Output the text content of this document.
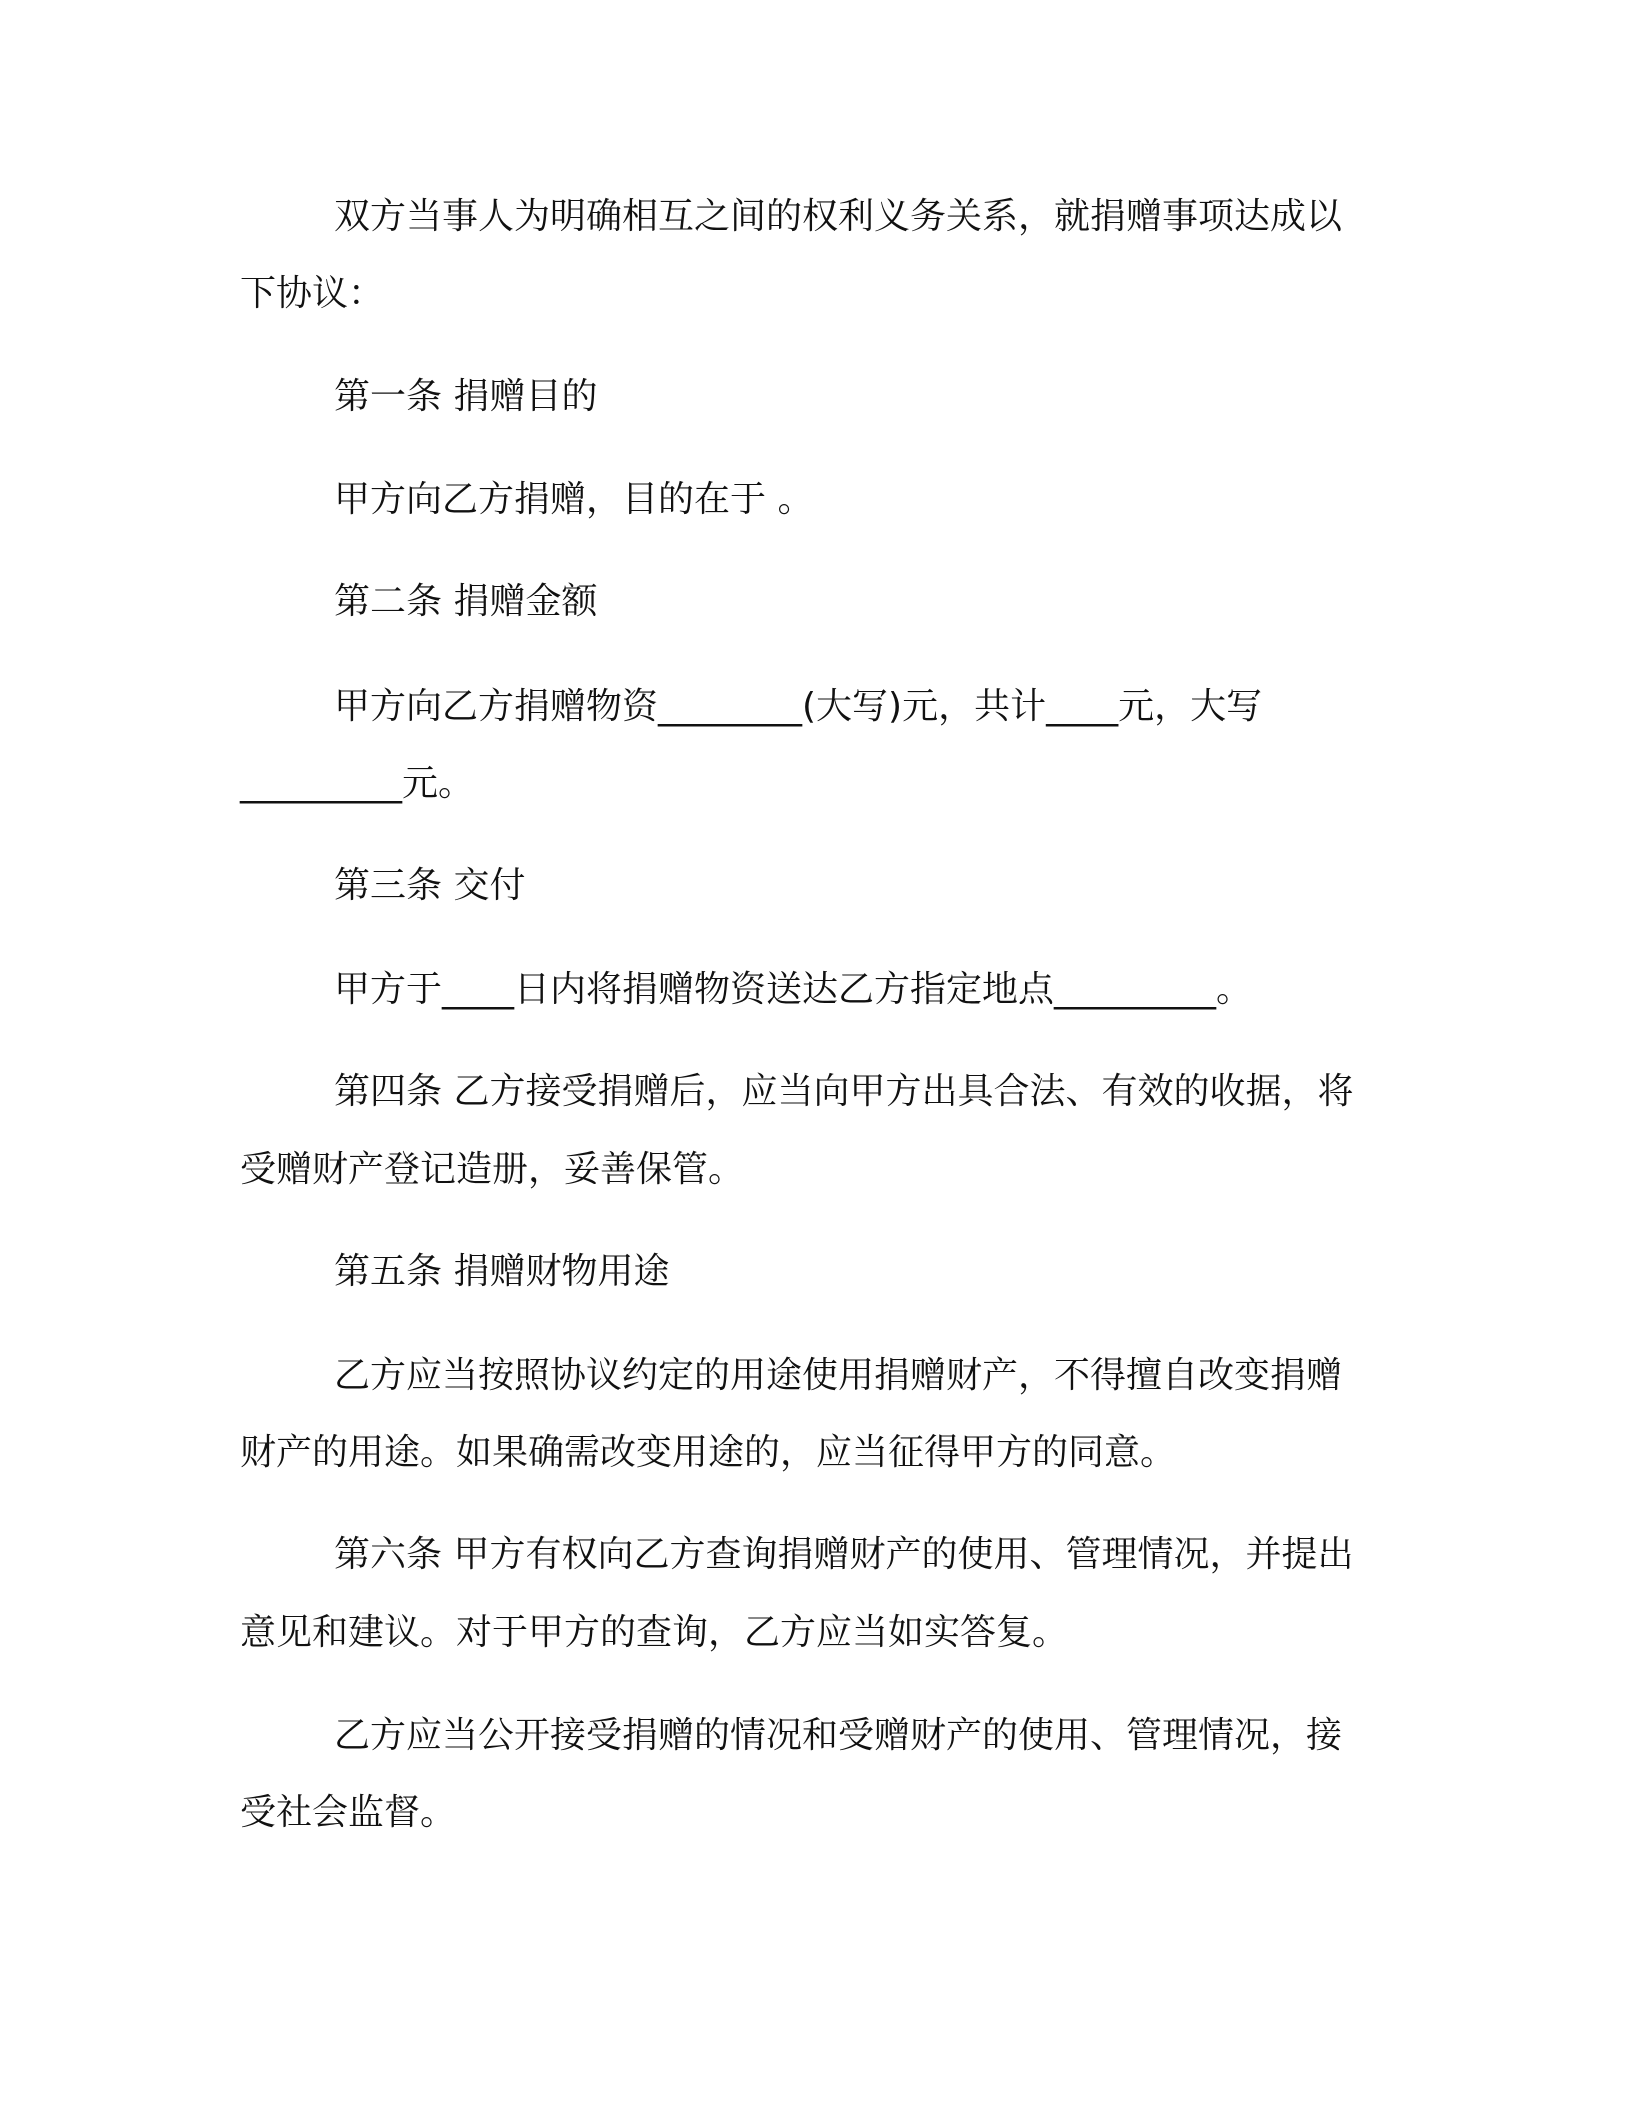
双方当事人为明确相互之间的权利义务关系，就捐赠事项达成以

下协议：

第一条 捐赠目的

甲方向乙方捐赠，目的在于 。

第二条 捐赠金额

甲方向乙方捐赠物资________(大写)元，共计____元，大写

_________元。

第三条 交付

甲方于____日内将捐赠物资送达乙方指定地点_________。

第四条 乙方接受捐赠后，应当向甲方出具合法、有效的收据，将

受赠财产登记造册，妥善保管。

第五条 捐赠财物用途

乙方应当按照协议约定的用途使用捐赠财产，不得擅自改变捐赠

财产的用途。如果确需改变用途的，应当征得甲方的同意。

第六条 甲方有权向乙方查询捐赠财产的使用、管理情况，并提出

意见和建议。对于甲方的查询，乙方应当如实答复。

乙方应当公开接受捐赠的情况和受赠财产的使用、管理情况，接

受社会监督。
